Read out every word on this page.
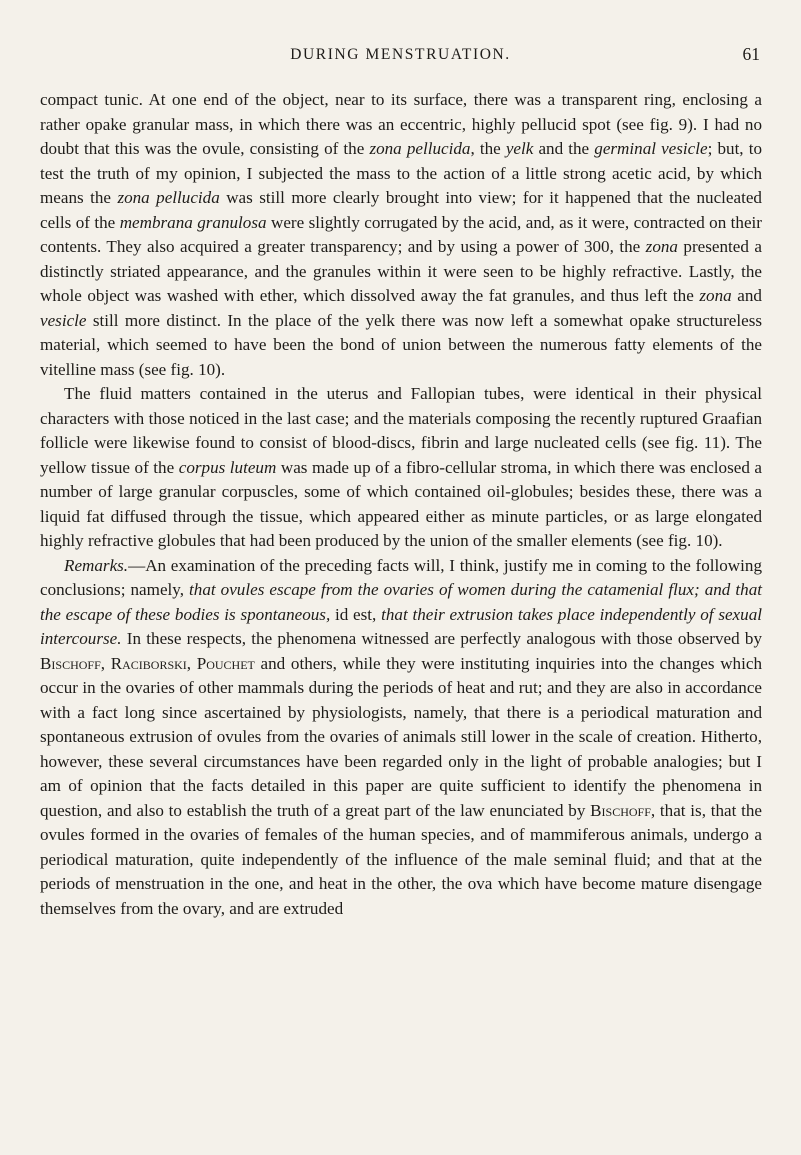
DURING MENSTRUATION.	61

compact tunic. At one end of the object, near to its surface, there was a transparent ring, enclosing a rather opake granular mass, in which there was an eccentric, highly pellucid spot (see fig. 9). I had no doubt that this was the ovule, consisting of the zona pellucida, the yelk and the germinal vesicle; but, to test the truth of my opinion, I subjected the mass to the action of a little strong acetic acid, by which means the zona pellucida was still more clearly brought into view; for it happened that the nucleated cells of the membrana granulosa were slightly corrugated by the acid, and, as it were, contracted on their contents. They also acquired a greater transparency; and by using a power of 300, the zona presented a distinctly striated appearance, and the granules within it were seen to be highly refractive. Lastly, the whole object was washed with ether, which dissolved away the fat granules, and thus left the zona and vesicle still more distinct. In the place of the yelk there was now left a somewhat opake structureless material, which seemed to have been the bond of union between the numerous fatty elements of the vitelline mass (see fig. 10).

The fluid matters contained in the uterus and Fallopian tubes, were identical in their physical characters with those noticed in the last case; and the materials composing the recently ruptured Graafian follicle were likewise found to consist of blood-discs, fibrin and large nucleated cells (see fig. 11). The yellow tissue of the corpus luteum was made up of a fibro-cellular stroma, in which there was enclosed a number of large granular corpuscles, some of which contained oil-globules; besides these, there was a liquid fat diffused through the tissue, which appeared either as minute particles, or as large elongated highly refractive globules that had been produced by the union of the smaller elements (see fig. 10).

Remarks.—An examination of the preceding facts will, I think, justify me in coming to the following conclusions; namely, that ovules escape from the ovaries of women during the catamenial flux; and that the escape of these bodies is spontaneous, id est, that their extrusion takes place independently of sexual intercourse. In these respects, the phenomena witnessed are perfectly analogous with those observed by Bischoff, Raciborski, Pouchet and others, while they were instituting inquiries into the changes which occur in the ovaries of other mammals during the periods of heat and rut; and they are also in accordance with a fact long since ascertained by physiologists, namely, that there is a periodical maturation and spontaneous extrusion of ovules from the ovaries of animals still lower in the scale of creation. Hitherto, however, these several circumstances have been regarded only in the light of probable analogies; but I am of opinion that the facts detailed in this paper are quite sufficient to identify the phenomena in question, and also to establish the truth of a great part of the law enunciated by Bischoff, that is, that the ovules formed in the ovaries of females of the human species, and of mammiferous animals, undergo a periodical maturation, quite independently of the influence of the male seminal fluid; and that at the periods of menstruation in the one, and heat in the other, the ova which have become mature disengage themselves from the ovary, and are extruded
